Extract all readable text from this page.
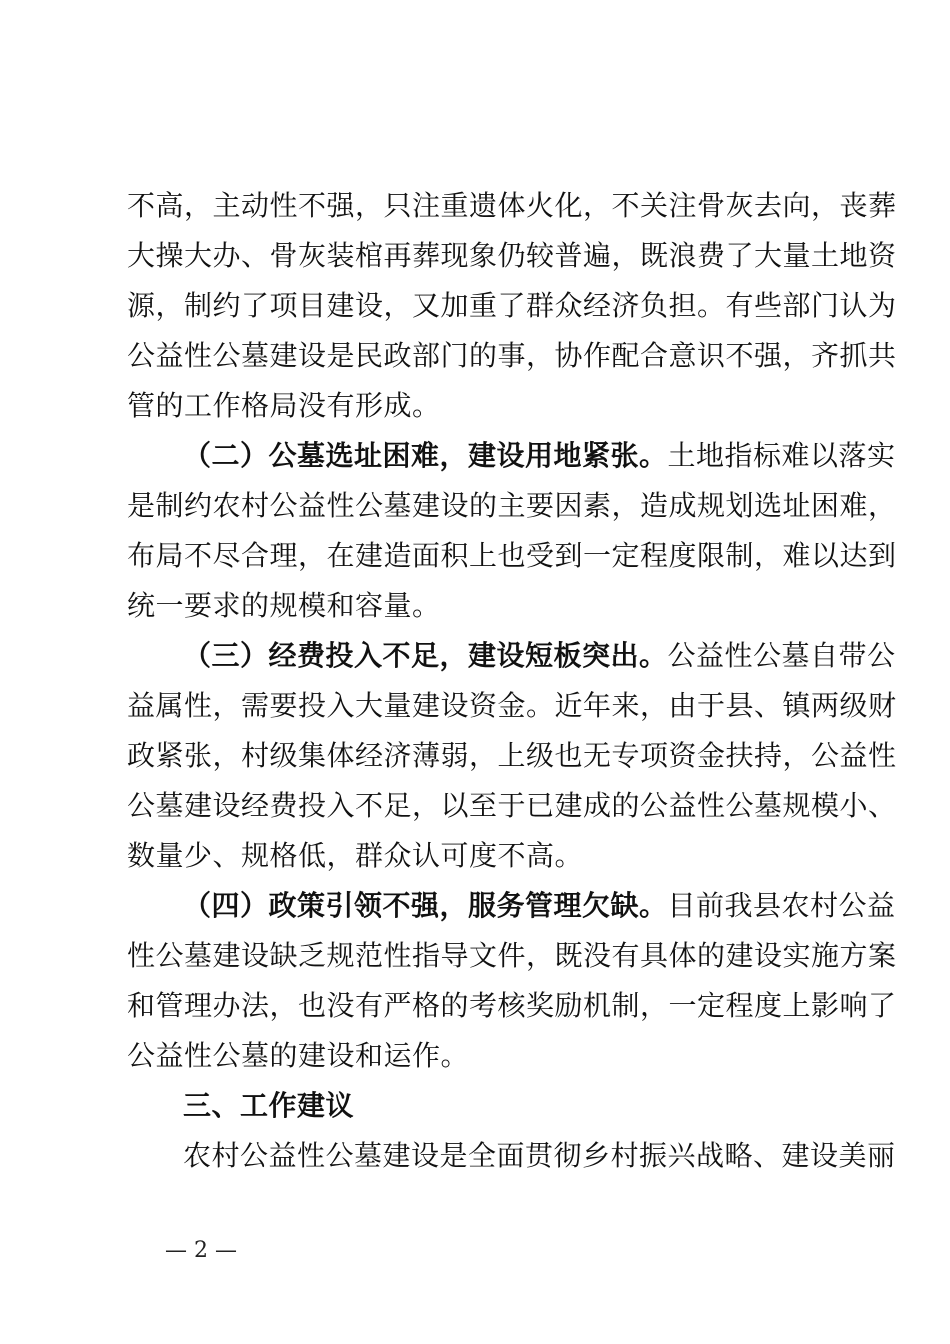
不高，主动性不强，只注重遗体火化，不关注骨灰去向，丧葬
大操大办、骨灰装棺再葬现象仍较普遍，既浪费了大量土地资
源，制约了项目建设，又加重了群众经济负担。有些部门认为
公益性公墓建设是民政部门的事，协作配合意识不强，齐抓共
管的工作格局没有形成。
（二）公墓选址困难，建设用地紧张。土地指标难以落实
是制约农村公益性公墓建设的主要因素，造成规划选址困难，
布局不尽合理，在建造面积上也受到一定程度限制，难以达到
统一要求的规模和容量。
（三）经费投入不足，建设短板突出。公益性公墓自带公
益属性，需要投入大量建设资金。近年来，由于县、镇两级财
政紧张，村级集体经济薄弱，上级也无专项资金扶持，公益性
公墓建设经费投入不足，以至于已建成的公益性公墓规模小、
数量少、规格低，群众认可度不高。
（四）政策引领不强，服务管理欠缺。目前我县农村公益
性公墓建设缺乏规范性指导文件，既没有具体的建设实施方案
和管理办法，也没有严格的考核奖励机制，一定程度上影响了
公益性公墓的建设和运作。
三、工作建议
农村公益性公墓建设是全面贯彻乡村振兴战略、建设美丽
— 2 —
